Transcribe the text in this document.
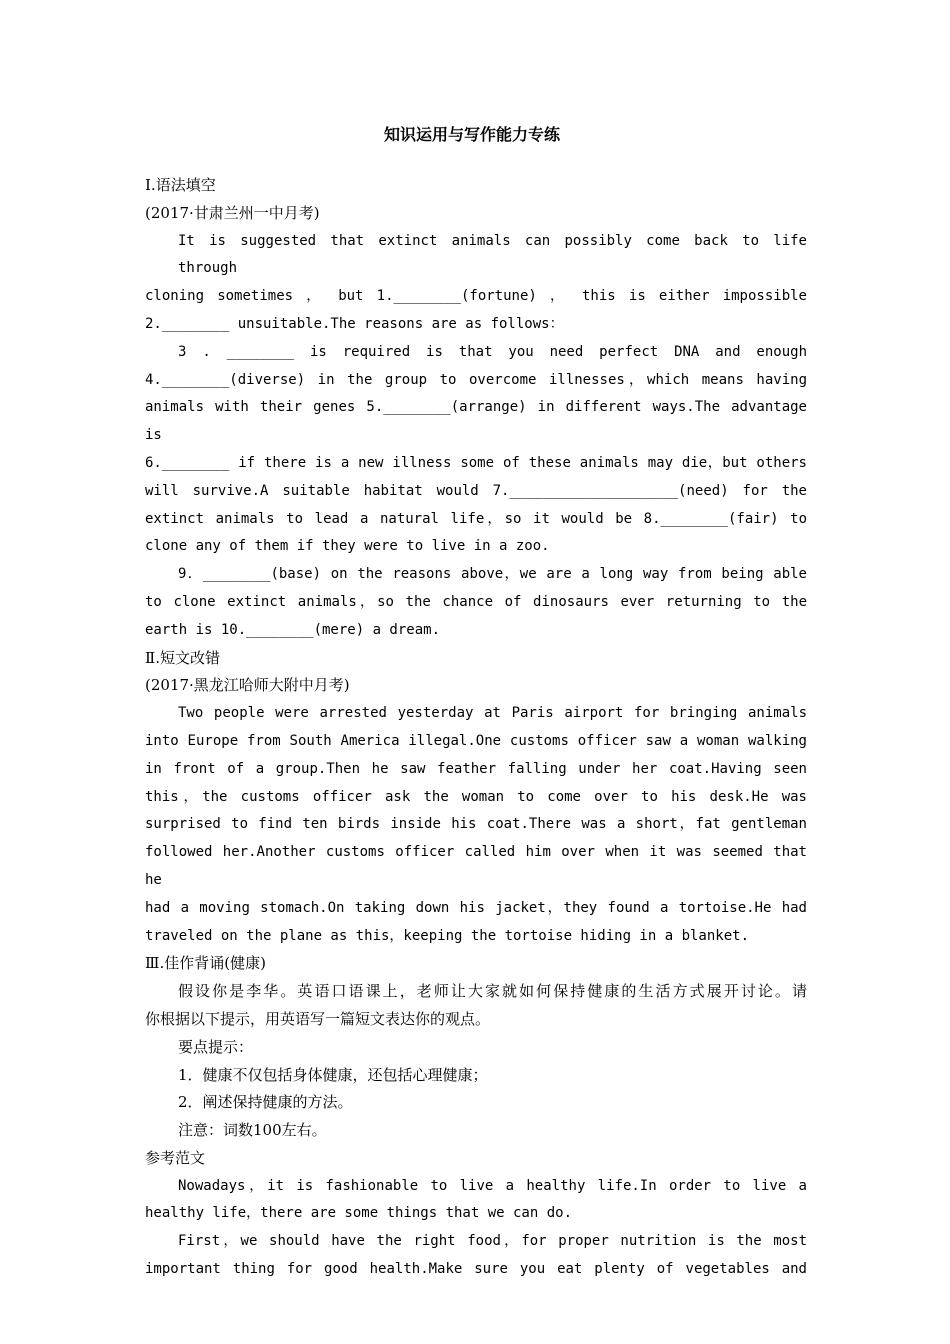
知识运用与写作能力专练
Ⅰ.语法填空
(2017·甘肃兰州一中月考)
It is suggested that extinct animals can possibly come back to life through
cloning sometimes ， but 1.________(fortune) ， this is either impossible
2.________ unsuitable.The reasons are as follows：
3 . ________ is required is that you need perfect DNA and enough
4.________(diverse) in the group to overcome illnesses，which means having
animals with their genes 5.________(arrange) in different ways.The advantage is
6.________ if there is a new illness some of these animals may die，but others
will survive.A suitable habitat would 7.____________________(need) for the
extinct animals to lead a natural life，so it would be 8.________(fair) to
clone any of them if they were to live in a zoo.
9．________(base) on the reasons above，we are a long way from being able
to clone extinct animals，so the chance of dinosaurs ever returning to the
earth is 10.________(mere) a dream.
Ⅱ.短文改错
(2017·黑龙江哈师大附中月考)
Two people were arrested yesterday at Paris airport for bringing animals
into Europe from South America illegal.One customs officer saw a woman walking
in front of a group.Then he saw feather falling under her coat.Having seen
this，the customs officer ask the woman to come over to his desk.He was
surprised to find ten birds inside his coat.There was a short，fat gentleman
followed her.Another customs officer called him over when it was seemed that he
had a moving stomach.On taking down his jacket，they found a tortoise.He had
traveled on the plane as this，keeping the tortoise hiding in a blanket.
Ⅲ.佳作背诵(健康)
假设你是李华。英语口语课上，老师让大家就如何保持健康的生活方式展开讨论。请
你根据以下提示，用英语写一篇短文表达你的观点。
要点提示：
1．健康不仅包括身体健康，还包括心理健康；
2．阐述保持健康的方法。
注意：词数100左右。
参考范文
Nowadays，it is fashionable to live a healthy life.In order to live a
healthy life，there are some things that we can do.
First，we should have the right food，for proper nutrition is the most
important thing for good health.Make sure you eat plenty of vegetables and
